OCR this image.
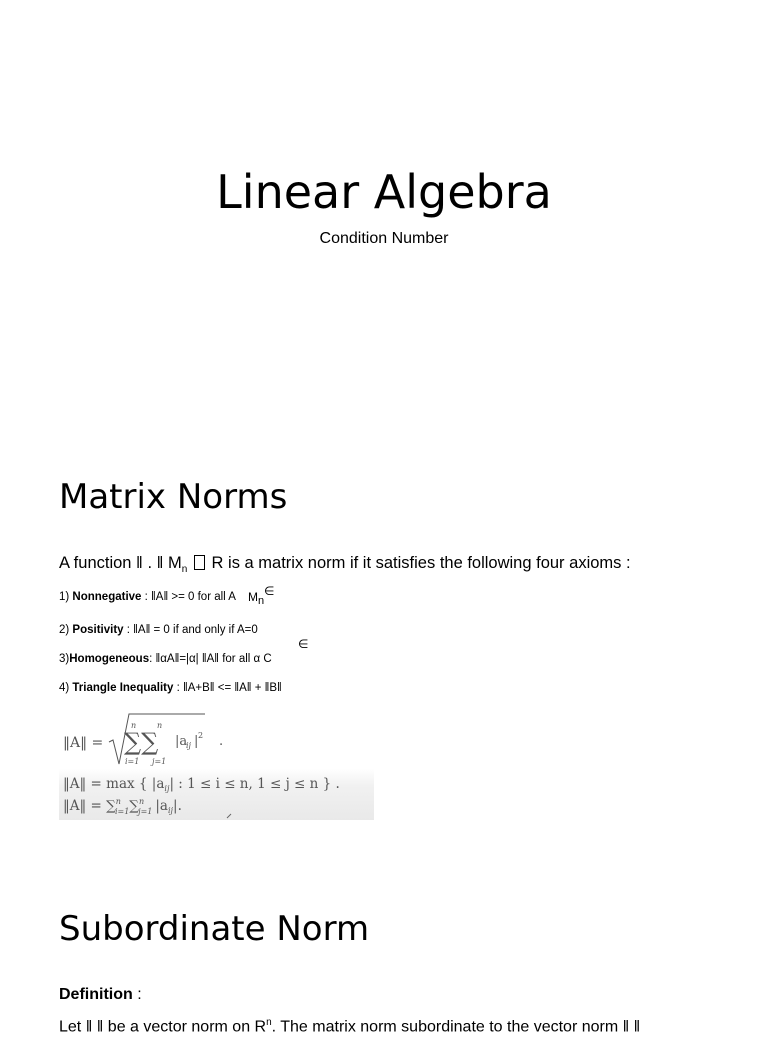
Linear Algebra
Condition Number
Matrix Norms
A function ‖ . ‖ $M_n$  R is a matrix norm if it satisfies the following four axioms :
1) Nonnegative : ‖A‖ >= 0 for all A $M_n$
∈
2) Positivity : ‖A‖ = 0 if and only if A=0
∈
3)Homogeneous: ‖αA‖=|α| ‖A‖ for all α C
4) Triangle Inequality : ‖A+B‖ <= ‖A‖ + ‖B‖
‖A‖ =
n	n
∑∑
i=1 j=1
|a
ij | 2 .
‖A‖ = max { $|a_{ij}|$ : 1 ≤ i ≤ n, 1 ≤ j ≤ n } .
‖A‖ = ∑$^n$ i=1∑$^n$ j=1 $|a_{ij}|$.
Subordinate Norm
Definition :
Let ‖ ‖ be a vector norm on $R^n$. The matrix norm subordinate to the vector norm ‖ ‖
